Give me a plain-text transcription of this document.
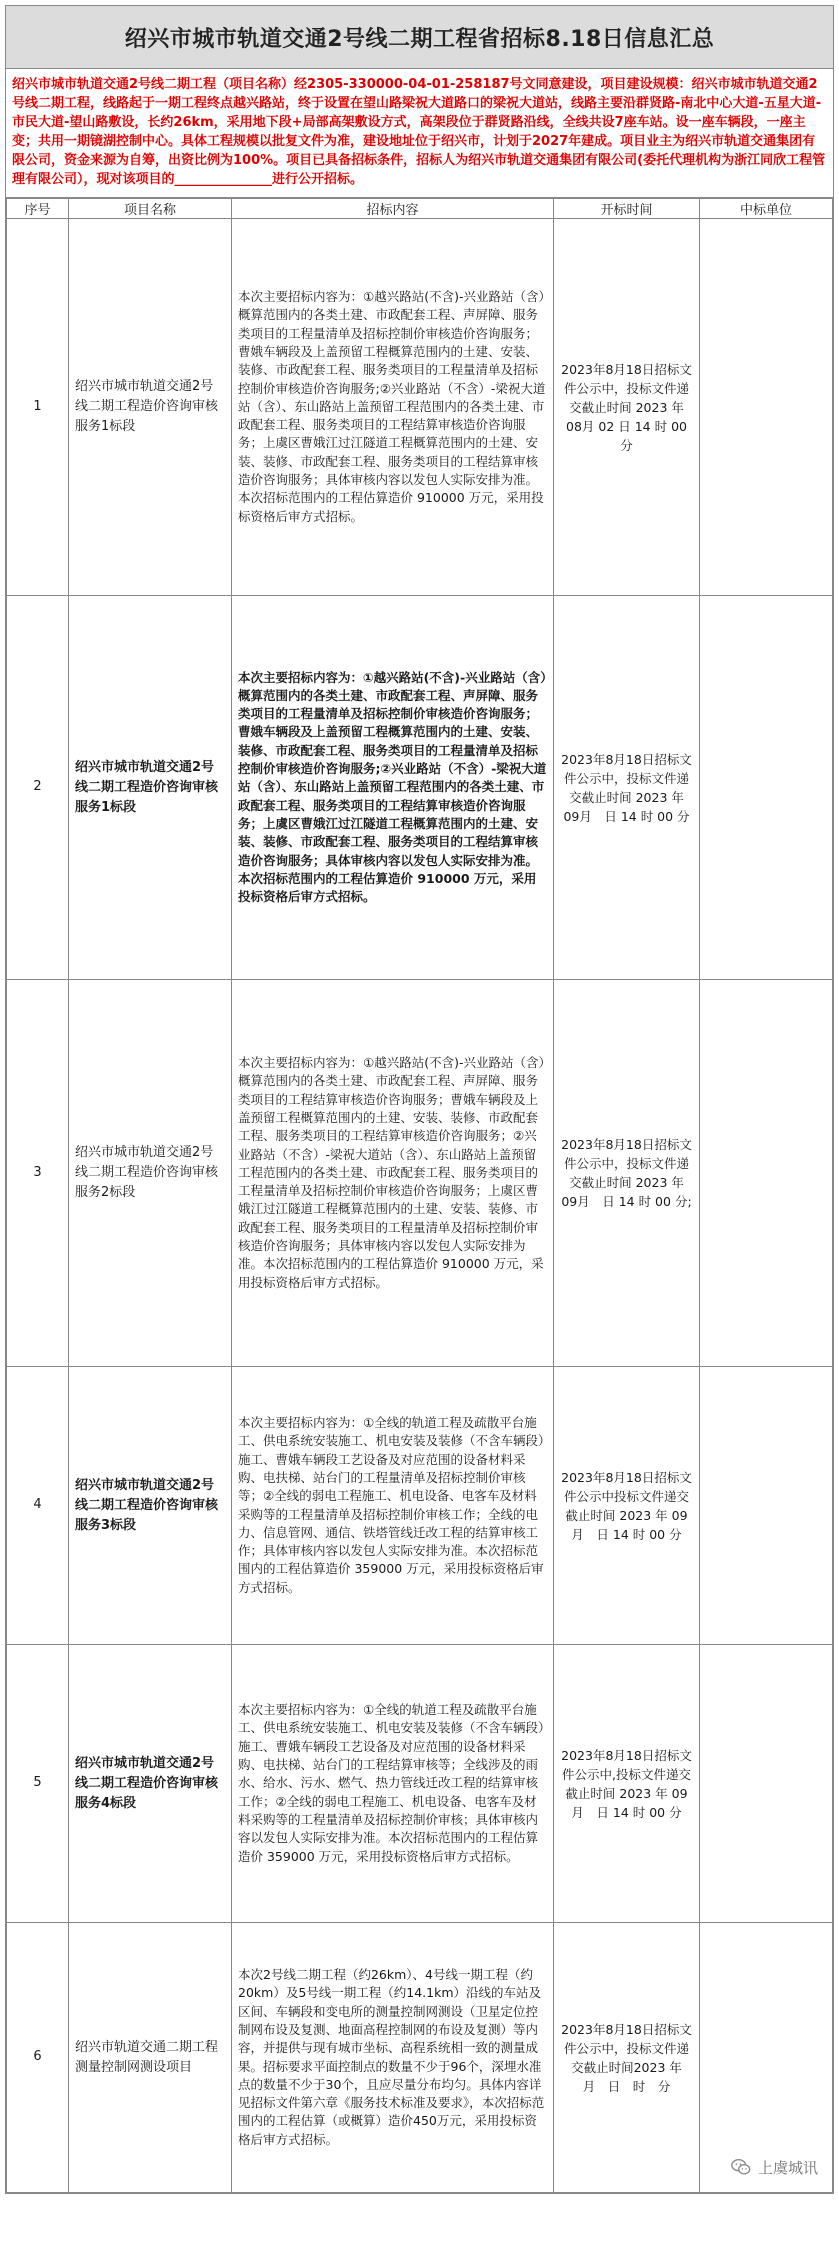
绍兴市城市轨道交通2号线二期工程省招标8.18日信息汇总
绍兴市城市轨道交通2号线二期工程（项目名称）经2305-330000-04-01-258187号文同意建设，项目建设规模：绍兴市城市轨道交通2号线二期工程，线路起于一期工程终点越兴路站，终于设置在望山路梁祝大道路口的梁祝大道站，线路主要沿群贤路-南北中心大道-五星大道-市民大道-望山路敷设，长约26km，采用地下段+局部高架敷设方式，高架段位于群贤路沿线，全线共设7座车站。设一座车辆段，一座主变；共用一期镜湖控制中心。具体工程规模以批复文件为准，建设地址位于绍兴市，计划于2027年建成。项目业主为绍兴市轨道交通集团有限公司，资金来源为自筹，出资比例为100%。项目已具备招标条件，招标人为绍兴市轨道交通集团有限公司(委托代理机构为浙江同欣工程管理有限公司），现对该项目的_______________进行公开招标。
序号	项目名称	招标内容	开标时间	中标单位
1	绍兴市城市轨道交通2号线二期工程造价咨询审核服务1标段	本次主要招标内容为：①越兴路站(不含)-兴业路站（含）概算范围内的各类土建、市政配套工程、声屏障、服务类项目的工程量清单及招标控制价审核造价咨询服务；曹娥车辆段及上盖预留工程概算范围内的土建、安装、装修、市政配套工程、服务类项目的工程量清单及招标控制价审核造价咨询服务;②兴业路站（不含）-梁祝大道站（含）、东山路站上盖预留工程范围内的各类土建、市政配套工程、服务类项目的工程结算审核造价咨询服务；上虞区曹娥江过江隧道工程概算范围内的土建、安装、装修、市政配套工程、服务类项目的工程结算审核造价咨询服务；具体审核内容以发包人实际安排为准。本次招标范围内的工程估算造价 910000 万元，采用投标资格后审方式招标。	2023年8月18日招标文件公示中，投标文件递交截止时间 2023 年 08月 02 日 14 时 00 分	
2	绍兴市城市轨道交通2号线二期工程造价咨询审核服务1标段	本次主要招标内容为：①越兴路站(不含)-兴业路站（含）概算范围内的各类土建、市政配套工程、声屏障、服务类项目的工程量清单及招标控制价审核造价咨询服务；曹娥车辆段及上盖预留工程概算范围内的土建、安装、装修、市政配套工程、服务类项目的工程量清单及招标控制价审核造价咨询服务;②兴业路站（不含）-梁祝大道站（含）、东山路站上盖预留工程范围内的各类土建、市政配套工程、服务类项目的工程结算审核造价咨询服务；上虞区曹娥江过江隧道工程概算范围内的土建、安装、装修、市政配套工程、服务类项目的工程结算审核造价咨询服务；具体审核内容以发包人实际安排为准。本次招标范围内的工程估算造价 910000 万元，采用投标资格后审方式招标。	2023年8月18日招标文件公示中，投标文件递交截止时间 2023 年 09月　日 14 时 00 分	
3	绍兴市城市轨道交通2号线二期工程造价咨询审核服务2标段	本次主要招标内容为：①越兴路站(不含)-兴业路站（含）概算范围内的各类土建、市政配套工程、声屏障、服务类项目的工程结算审核造价咨询服务；曹娥车辆段及上盖预留工程概算范围内的土建、安装、装修、市政配套工程、服务类项目的工程结算审核造价咨询服务；②兴业路站（不含）-梁祝大道站（含）、东山路站上盖预留工程范围内的各类土建、市政配套工程、服务类项目的工程量清单及招标控制价审核造价咨询服务；上虞区曹娥江过江隧道工程概算范围内的土建、安装、装修、市政配套工程、服务类项目的工程量清单及招标控制价审核造价咨询服务；具体审核内容以发包人实际安排为准。本次招标范围内的工程估算造价 910000 万元，采用投标资格后审方式招标。	2023年8月18日招标文件公示中，投标文件递交截止时间 2023 年 09月　日 14 时 00 分;	
4	绍兴市城市轨道交通2号线二期工程造价咨询审核服务3标段	本次主要招标内容为：①全线的轨道工程及疏散平台施工、供电系统安装施工、机电安装及装修（不含车辆段）施工、曹娥车辆段工艺设备及对应范围的设备材料采购、电扶梯、站台门的工程量清单及招标控制价审核等；②全线的弱电工程施工、机电设备、电客车及材料采购等的工程量清单及招标控制价审核工作；全线的电力、信息管网、通信、铁塔管线迁改工程的结算审核工作；具体审核内容以发包人实际安排为准。本次招标范围内的工程估算造价 359000 万元，采用投标资格后审方式招标。	2023年8月18日招标文件公示中投标文件递交截止时间 2023 年 09 月　日 14 时 00 分	
5	绍兴市城市轨道交通2号线二期工程造价咨询审核服务4标段	本次主要招标内容为：①全线的轨道工程及疏散平台施工、供电系统安装施工、机电安装及装修（不含车辆段）施工、曹娥车辆段工艺设备及对应范围的设备材料采购、电扶梯、站台门的工程结算审核等；全线涉及的雨水、给水、污水、燃气、热力管线迁改工程的结算审核工作；②全线的弱电工程施工、机电设备、电客车及材料采购等的工程量清单及招标控制价审核；具体审核内容以发包人实际安排为准。本次招标范围内的工程估算造价 359000 万元，采用投标资格后审方式招标。	2023年8月18日招标文件公示中,投标文件递交截止时间 2023 年 09月　日 14 时 00 分	
6	绍兴市轨道交通二期工程测量控制网测设项目	本次2号线二期工程（约26km）、4号线一期工程（约20km）及5号线一期工程（约14.1km）沿线的车站及区间、车辆段和变电所的测量控制网测设（卫星定位控制网布设及复测、地面高程控制网的布设及复测）等内容，并提供与现有城市坐标、高程系统相一致的测量成果。招标要求平面控制点的数量不少于96个，深埋水准点的数量不少于30个，且应尽量分布均匀。具体内容详见招标文件第六章《服务技术标准及要求》，本次招标范围内的工程估算（或概算）造价450万元，采用投标资格后审方式招标。	2023年8月18日招标文件公示中，投标文件递交截止时间2023 年　月　日　时　分	
上虞城讯
